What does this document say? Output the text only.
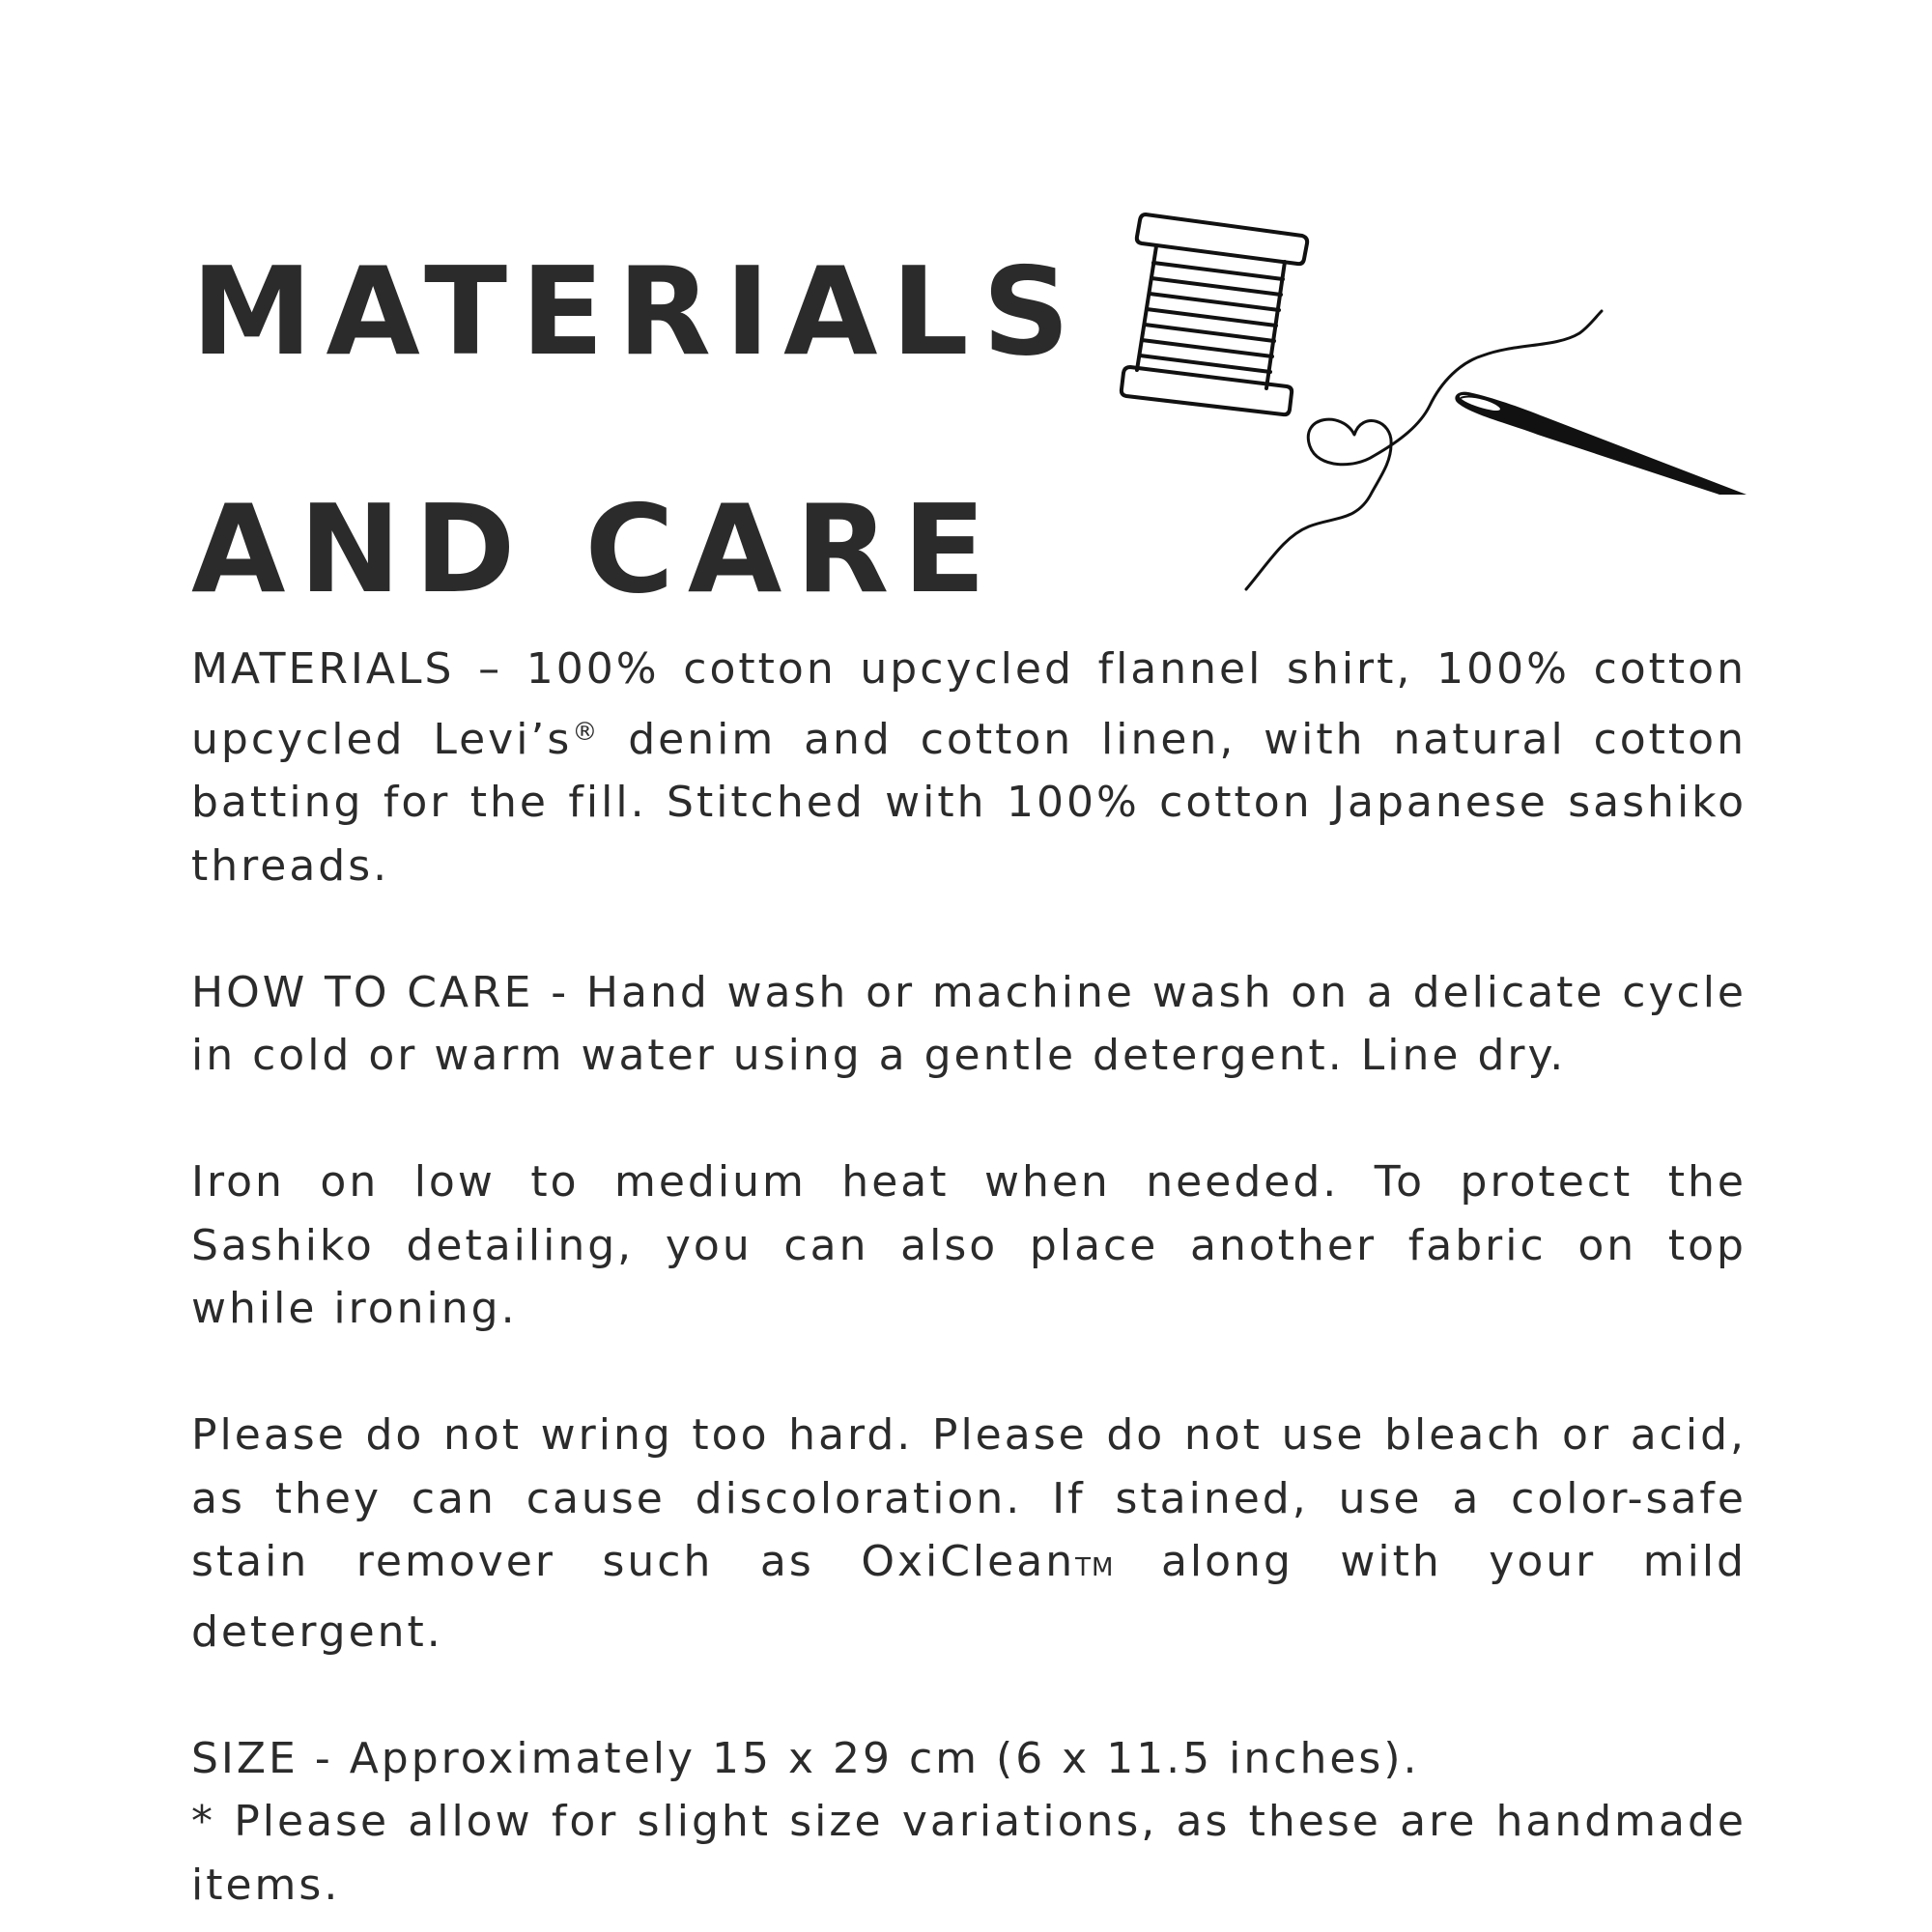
MATERIALS
AND CARE

MATERIALS – 100% cotton upcycled flannel shirt, 100% cotton upcycled Levi’s® denim and cotton linen, with natural cotton batting for the fill. Stitched with 100% cotton Japanese sashiko threads.

HOW TO CARE - Hand wash or machine wash on a delicate cycle in cold or warm water using a gentle detergent. Line dry.

Iron on low to medium heat when needed. To protect the Sashiko detailing, you can also place another fabric on top while ironing.

Please do not wring too hard. Please do not use bleach or acid, as they can cause discoloration. If stained, use a color-safe stain remover such as OxiCleanTM along with your mild detergent.

SIZE - Approximately 15 x 29 cm (6 x 11.5 inches).
* Please allow for slight size variations, as these are handmade items.
